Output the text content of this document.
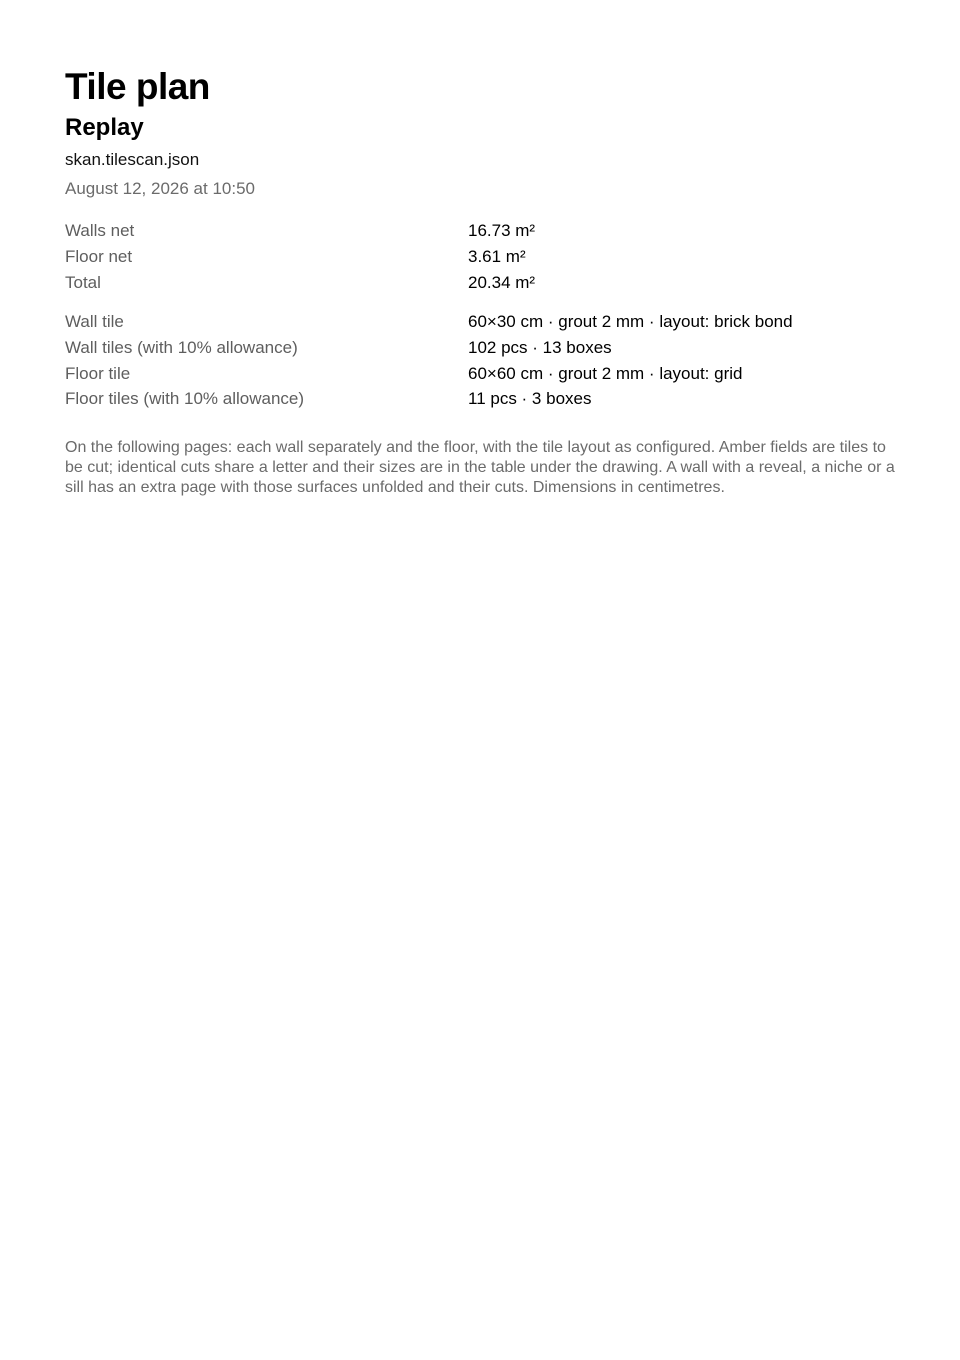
Tile plan
Replay
skan.tilescan.json
August 12, 2026 at 10:50
Walls net	16.73 m²
Floor net	3.61 m²
Total	20.34 m²
Wall tile	60×30 cm · grout 2 mm · layout: brick bond
Wall tiles (with 10% allowance)	102 pcs · 13 boxes
Floor tile	60×60 cm · grout 2 mm · layout: grid
Floor tiles (with 10% allowance)	11 pcs · 3 boxes

On the following pages: each wall separately and the floor, with the tile layout as configured. Amber fields are tiles to be cut; identical cuts share a letter and their sizes are in the table under the drawing. A wall with a reveal, a niche or a sill has an extra page with those surfaces unfolded and their cuts. Dimensions in centimetres.
